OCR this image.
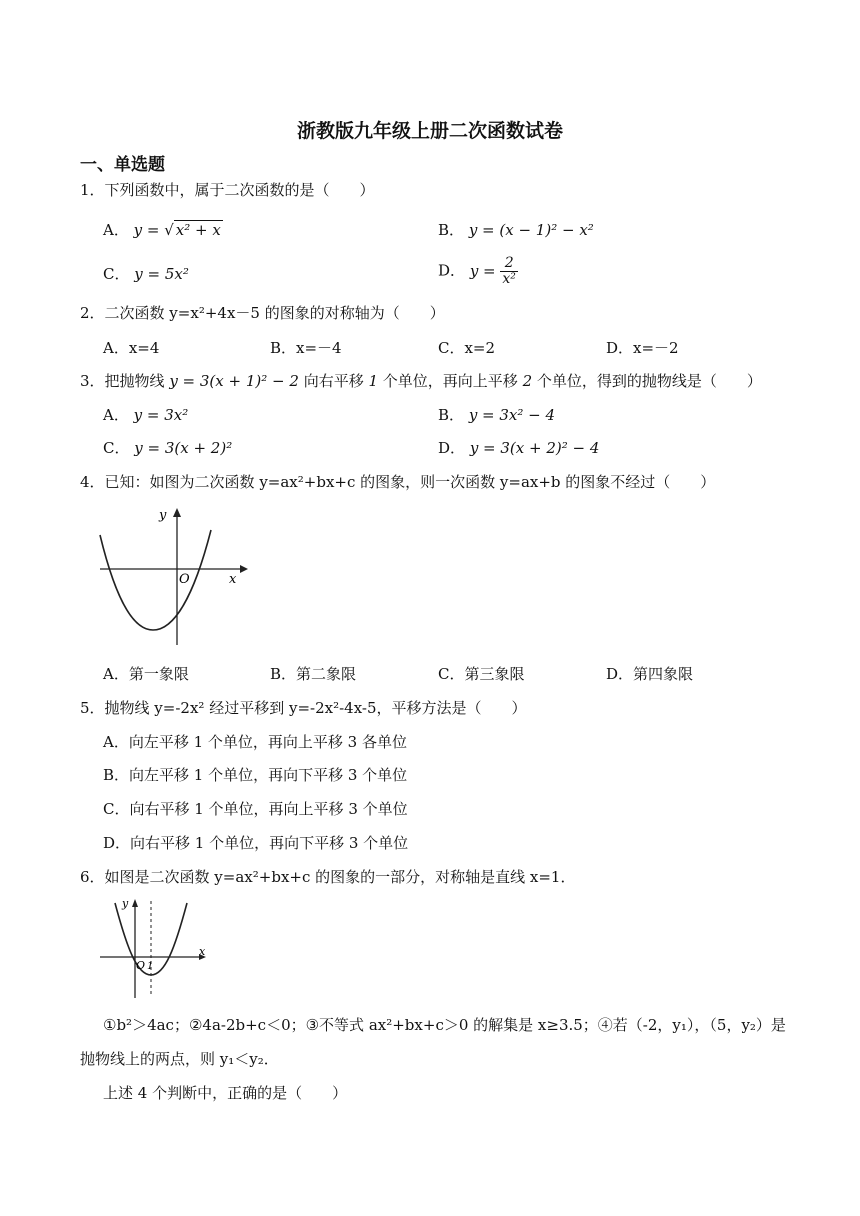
浙教版九年级上册二次函数试卷
一、单选题
1．下列函数中，属于二次函数的是（　　）
A． y = √ x² + x	B． y = (x − 1)² − x²
C． y = 5x²	D． $y = \frac{2}{\text{x²}}$
2．二次函数 y=x²+4x－5 的图象的对称轴为（　　）
A．x=4	B．x=－4	C．x=2	D．x=－2
3．把抛物线 y = 3(x + 1)² − 2 向右平移 1 个单位，再向上平移 2 个单位，得到的抛物线是（　　）
A． y = 3x²	B． y = 3x² − 4
C． y = 3(x + 2)²	D． y = 3(x + 2)² − 4
4．已知：如图为二次函数 y=ax²+bx+c 的图象，则一次函数 y=ax+b 的图象不经过（　　）
y
x
O
A．第一象限	B．第二象限	C．第三象限	D．第四象限
5．抛物线 y=-2x² 经过平移到 y=-2x²-4x-5，平移方法是（　　）
A．向左平移 1 个单位，再向上平移 3 各单位
B．向左平移 1 个单位，再向下平移 3 个单位
C．向右平移 1 个单位，再向上平移 3 个单位
D．向右平移 1 个单位，再向下平移 3 个单位
6．如图是二次函数 y=ax²+bx+c 的图象的一部分，对称轴是直线 x=1．
y
x
O 1
①b²＞4ac；②4a-2b+c＜0；③不等式 ax²+bx+c＞0 的解集是 x≥3.5；④若（-2，y₁），（5，y₂）是
抛物线上的两点，则 y₁＜y₂．
上述 4 个判断中，正确的是（　　）
